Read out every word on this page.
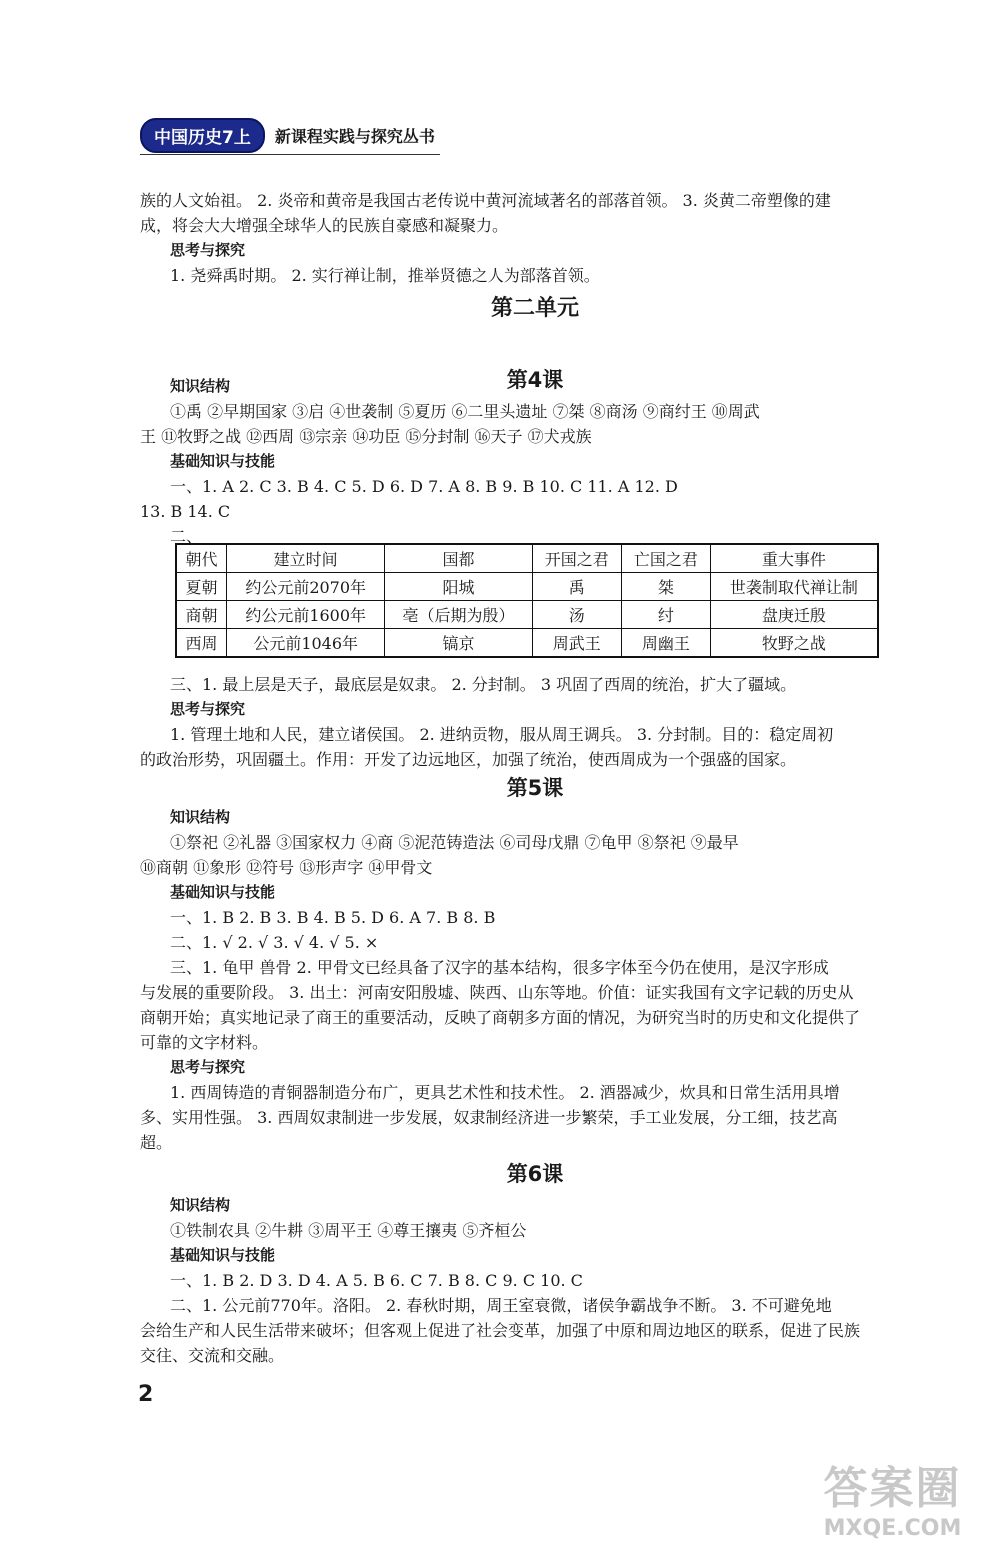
中国历史7上	新课程实践与探究丛书

族的人文始祖。 2. 炎帝和黄帝是我国古老传说中黄河流域著名的部落首领。 3. 炎黄二帝塑像的建

成，将会大大增强全球华人的民族自豪感和凝聚力。

思考与探究

1. 尧舜禹时期。 2. 实行禅让制，推举贤德之人为部落首领。

第二单元

第4课

知识结构

①禹 ②早期国家 ③启 ④世袭制 ⑤夏历 ⑥二里头遗址 ⑦桀 ⑧商汤 ⑨商纣王 ⑩周武

王 ⑪牧野之战 ⑫西周 ⑬宗亲 ⑭功臣 ⑮分封制 ⑯天子 ⑰犬戎族

基础知识与技能

一、1. A 2. C 3. B 4. C 5. D 6. D 7. A 8. B 9. B 10. C 11. A 12. D

13. B 14. C

二、

朝代	建立时间	国都	开国之君	亡国之君	重大事件
夏朝	约公元前2070年	阳城	禹	桀	世袭制取代禅让制
商朝	约公元前1600年	亳（后期为殷）	汤	纣	盘庚迁殷
西周	公元前1046年	镐京	周武王	周幽王	牧野之战

三、1. 最上层是天子，最底层是奴隶。 2. 分封制。 3 巩固了西周的统治，扩大了疆域。

思考与探究

1. 管理土地和人民，建立诸侯国。 2. 进纳贡物，服从周王调兵。 3. 分封制。目的：稳定周初

的政治形势，巩固疆土。作用：开发了边远地区，加强了统治，使西周成为一个强盛的国家。

第5课

知识结构

①祭祀 ②礼器 ③国家权力 ④商 ⑤泥范铸造法 ⑥司母戊鼎 ⑦龟甲 ⑧祭祀 ⑨最早

⑩商朝 ⑪象形 ⑫符号 ⑬形声字 ⑭甲骨文

基础知识与技能

一、1. B 2. B 3. B 4. B 5. D 6. A 7. B 8. B

二、1. √ 2. √ 3. √ 4. √ 5. ×

三、1. 龟甲 兽骨 2. 甲骨文已经具备了汉字的基本结构，很多字体至今仍在使用，是汉字形成

与发展的重要阶段。 3. 出土：河南安阳殷墟、陕西、山东等地。价值：证实我国有文字记载的历史从

商朝开始；真实地记录了商王的重要活动，反映了商朝多方面的情况，为研究当时的历史和文化提供了

可靠的文字材料。

思考与探究

1. 西周铸造的青铜器制造分布广，更具艺术性和技术性。 2. 酒器减少，炊具和日常生活用具增

多、实用性强。 3. 西周奴隶制进一步发展，奴隶制经济进一步繁荣，手工业发展，分工细，技艺高

超。

第6课

知识结构

①铁制农具 ②牛耕 ③周平王 ④尊王攘夷 ⑤齐桓公

基础知识与技能

一、1. B 2. D 3. D 4. A 5. B 6. C 7. B 8. C 9. C 10. C

二、1. 公元前770年。洛阳。 2. 春秋时期，周王室衰微，诸侯争霸战争不断。 3. 不可避免地

会给生产和人民生活带来破坏；但客观上促进了社会变革，加强了中原和周边地区的联系，促进了民族

交往、交流和交融。

2
答案圈
MXQE.COM
